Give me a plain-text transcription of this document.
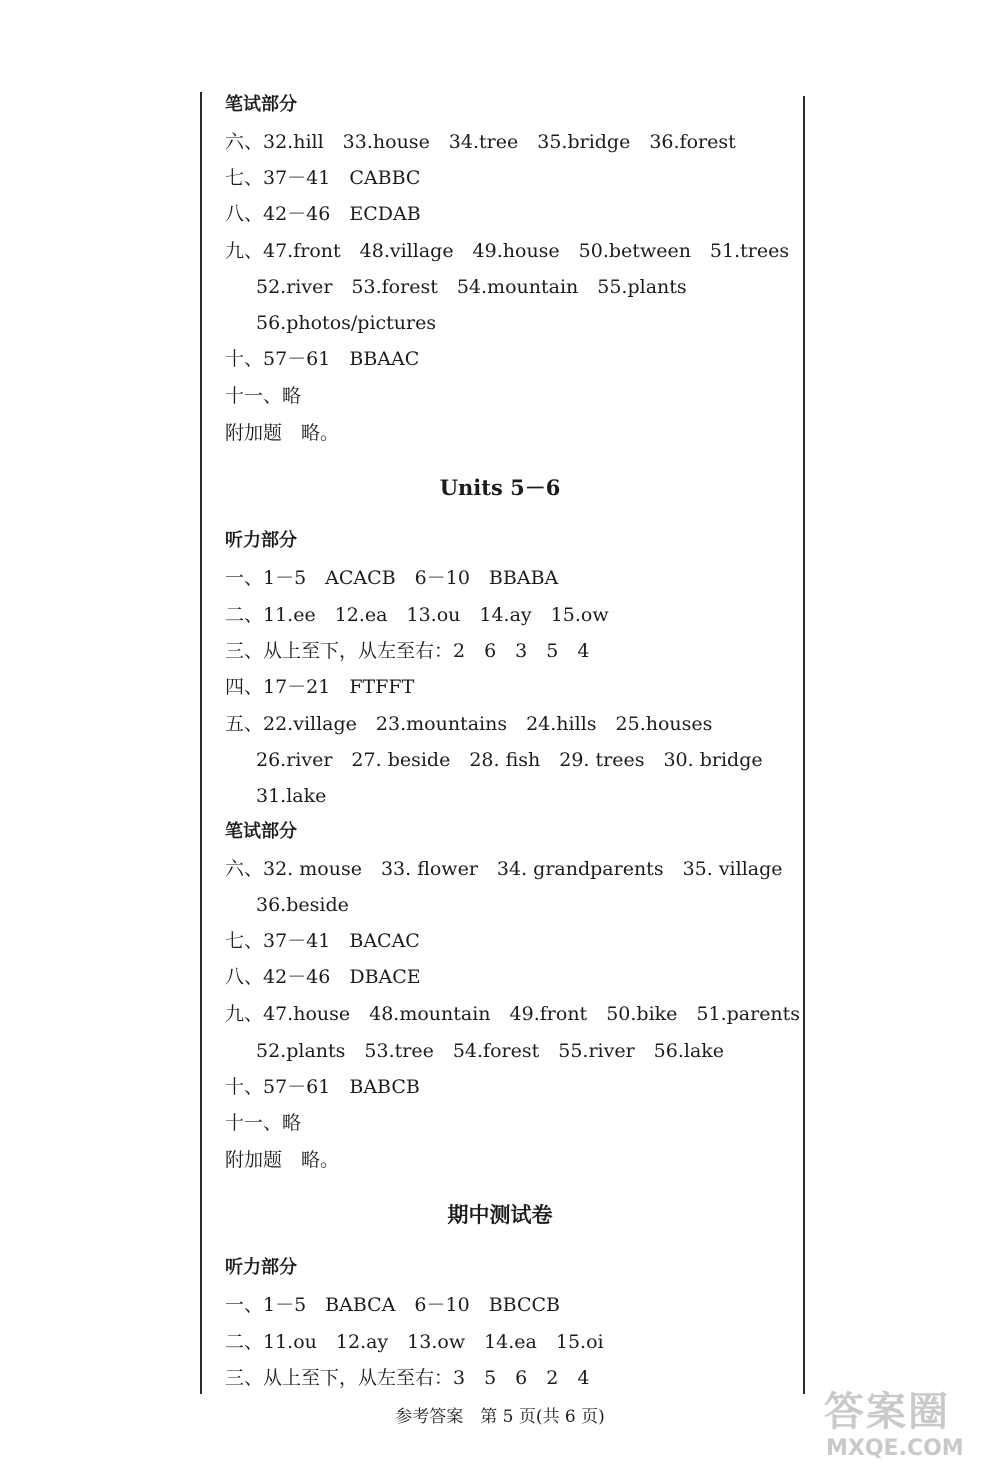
笔试部分
六、32.hill　33.house　34.tree　35.bridge　36.forest
七、37－41　CABBC
八、42－46　ECDAB
九、47.front　48.village　49.house　50.between　51.trees
52.river　53.forest　54.mountain　55.plants
56.photos/pictures
十、57－61　BBAAC
十一、略
附加题　略。
Units 5－6
听力部分
一、1－5　ACACB　6－10　BBABA
二、11.ee　12.ea　13.ou　14.ay　15.ow
三、从上至下，从左至右：2　6　3　5　4
四、17－21　FTFFT
五、22.village　23.mountains　24.hills　25.houses
26.river　27. beside　28. fish　29. trees　30. bridge
31.lake
笔试部分
六、32. mouse　33. flower　34. grandparents　35. village
36.beside
七、37－41　BACAC
八、42－46　DBACE
九、47.house　48.mountain　49.front　50.bike　51.parents
52.plants　53.tree　54.forest　55.river　56.lake
十、57－61　BABCB
十一、略
附加题　略。
期中测试卷
听力部分
一、1－5　BABCA　6－10　BBCCB
二、11.ou　12.ay　13.ow　14.ea　15.oi
三、从上至下，从左至右：3　5　6　2　4
参考答案　第 5 页(共 6 页)	答案圈
MXQE.COM
